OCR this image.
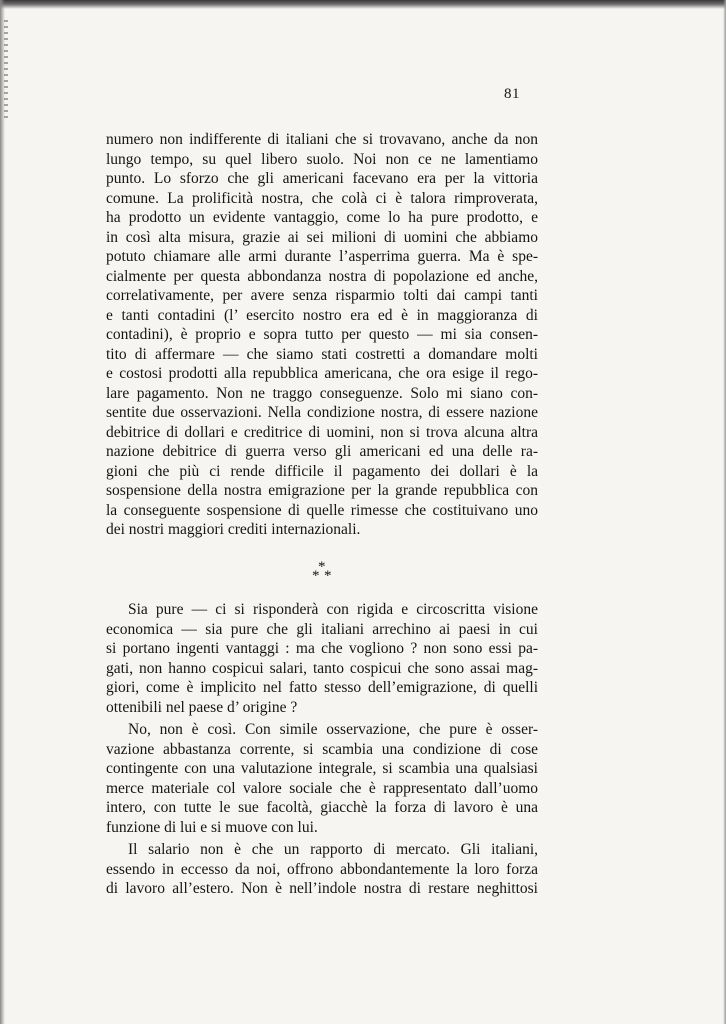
81
numero non indifferente di italiani che si trovavano, anche da non
lungo tempo, su quel libero suolo. Noi non ce ne lamentiamo
punto. Lo sforzo che gli americani facevano era per la vittoria
comune. La prolificità nostra, che colà ci è talora rimproverata,
ha prodotto un evidente vantaggio, come lo ha pure prodotto, e
in così alta misura, grazie ai sei milioni di uomini che abbiamo
potuto chiamare alle armi durante l’asperrima guerra. Ma è spe-
cialmente per questa abbondanza nostra di popolazione ed anche,
correlativamente, per avere senza risparmio tolti dai campi tanti
e tanti contadini (l’ esercito nostro era ed è in maggioranza di
contadini), è proprio e sopra tutto per questo — mi sia consen-
tito di affermare — che siamo stati costretti a domandare molti
e costosi prodotti alla repubblica americana, che ora esige il rego-
lare pagamento. Non ne traggo conseguenze. Solo mi siano con-
sentite due osservazioni. Nella condizione nostra, di essere nazione
debitrice di dollari e creditrice di uomini, non si trova alcuna altra
nazione debitrice di guerra verso gli americani ed una delle ra-
gioni che più ci rende difficile il pagamento dei dollari è la
sospensione della nostra emigrazione per la grande repubblica con
la conseguente sospensione di quelle rimesse che costituivano uno
dei nostri maggiori crediti internazionali.
*
* *
Sia pure — ci si risponderà con rigida e circoscritta visione
economica — sia pure che gli italiani arrechino ai paesi in cui
si portano ingenti vantaggi : ma che vogliono ? non sono essi pa-
gati, non hanno cospicui salari, tanto cospicui che sono assai mag-
giori, come è implicito nel fatto stesso dell’emigrazione, di quelli
ottenibili nel paese d’ origine ?
No, non è così. Con simile osservazione, che pure è osser-
vazione abbastanza corrente, si scambia una condizione di cose
contingente con una valutazione integrale, si scambia una qualsiasi
merce materiale col valore sociale che è rappresentato dall’uomo
intero, con tutte le sue facoltà, giacchè la forza di lavoro è una
funzione di lui e si muove con lui.
Il salario non è che un rapporto di mercato. Gli italiani,
essendo in eccesso da noi, offrono abbondantemente la loro forza
di lavoro all’estero. Non è nell’indole nostra di restare neghittosi
